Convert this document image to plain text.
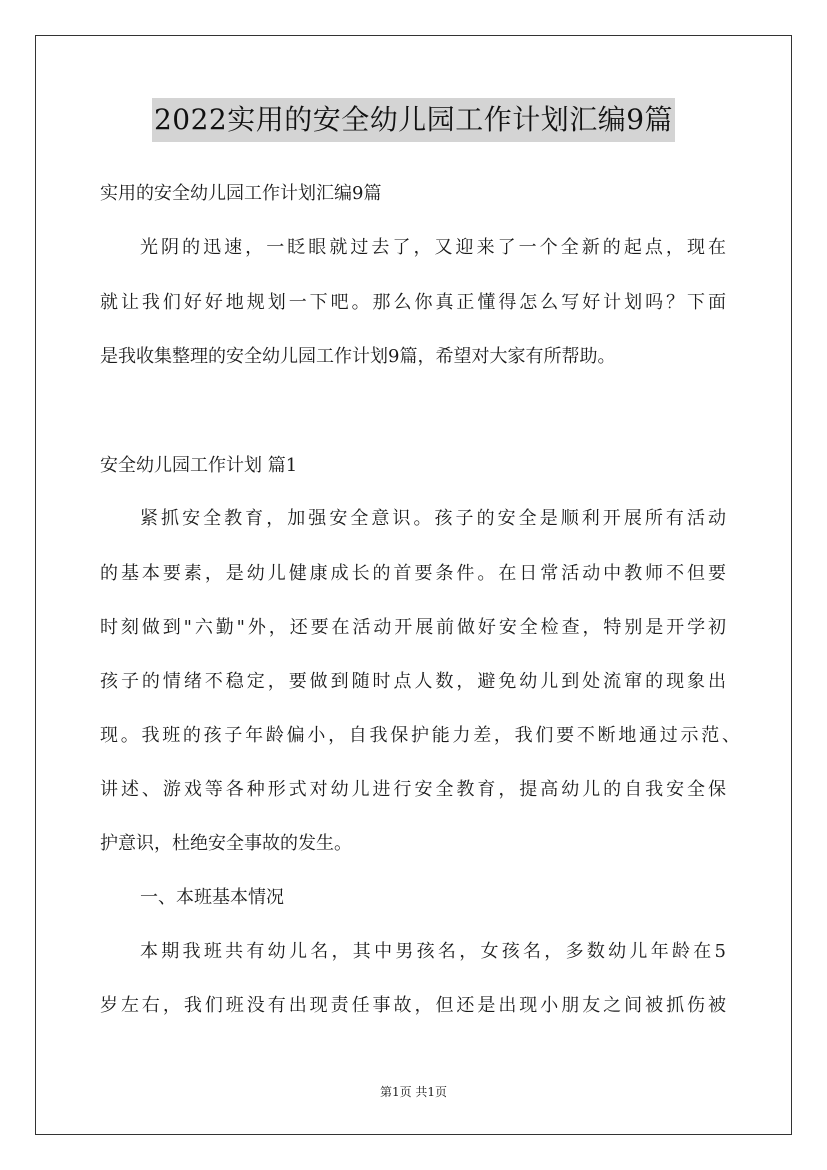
2022实用的安全幼儿园工作计划汇编9篇
实用的安全幼儿园工作计划汇编9篇
光阴的迅速，一眨眼就过去了，又迎来了一个全新的起点，现在
就让我们好好地规划一下吧。那么你真正懂得怎么写好计划吗？下面
是我收集整理的安全幼儿园工作计划9篇，希望对大家有所帮助。
安全幼儿园工作计划 篇1
紧抓安全教育，加强安全意识。孩子的安全是顺利开展所有活动
的基本要素，是幼儿健康成长的首要条件。在日常活动中教师不但要
时刻做到"六勤"外，还要在活动开展前做好安全检查，特别是开学初
孩子的情绪不稳定，要做到随时点人数，避免幼儿到处流窜的现象出
现。我班的孩子年龄偏小，自我保护能力差，我们要不断地通过示范、
讲述、游戏等各种形式对幼儿进行安全教育，提高幼儿的自我安全保
护意识，杜绝安全事故的发生。
一、本班基本情况
本期我班共有幼儿名，其中男孩名，女孩名，多数幼儿年龄在5
岁左右，我们班没有出现责任事故，但还是出现小朋友之间被抓伤被
第1页 共1页
